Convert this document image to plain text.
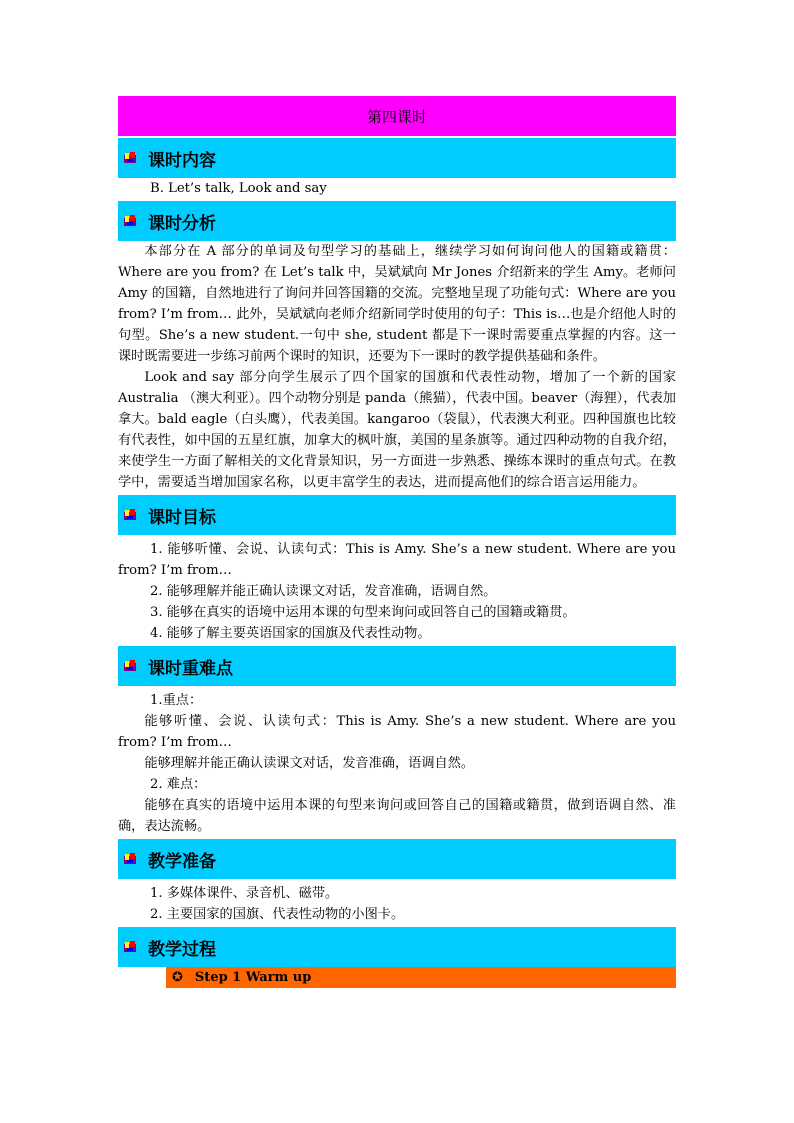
第四课时
课时内容
B. Let’s talk, Look and say
课时分析
本部分在 A 部分的单词及句型学习的基础上，继续学习如何询问他人的国籍或籍贯：Where are you from? 在 Let’s talk 中，吴斌斌向 Mr Jones 介绍新来的学生 Amy。老师问 Amy 的国籍，自然地进行了询问并回答国籍的交流。完整地呈现了功能句式：Where are you from? I’m from… 此外，吴斌斌向老师介绍新同学时使用的句子：This is…也是介绍他人时的句型。She’s a new student.一句中 she, student 都是下一课时需要重点掌握的内容。这一课时既需要进一步练习前两个课时的知识，还要为下一课时的教学提供基础和条件。
Look and say 部分向学生展示了四个国家的国旗和代表性动物，增加了一个新的国家 Australia （澳大利亚）。四个动物分别是 panda（熊猫），代表中国。beaver（海狸），代表加拿大。bald eagle（白头鹰），代表美国。kangaroo（袋鼠），代表澳大利亚。四种国旗也比较有代表性，如中国的五星红旗，加拿大的枫叶旗，美国的星条旗等。通过四种动物的自我介绍，来使学生一方面了解相关的文化背景知识，另一方面进一步熟悉、操练本课时的重点句式。在教学中，需要适当增加国家名称，以更丰富学生的表达，进而提高他们的综合语言运用能力。
课时目标
1. 能够听懂、会说、认读句式：This is Amy. She’s a new student. Where are you from? I’m from…
2. 能够理解并能正确认读课文对话，发音准确，语调自然。
3. 能够在真实的语境中运用本课的句型来询问或回答自己的国籍或籍贯。
4. 能够了解主要英语国家的国旗及代表性动物。
课时重难点
1.重点：
能够听懂、会说、认读句式：This is Amy. She’s a new student. Where are you from? I’m from…
能够理解并能正确认读课文对话，发音准确，语调自然。
2. 难点：
能够在真实的语境中运用本课的句型来询问或回答自己的国籍或籍贯，做到语调自然、准确，表达流畅。
教学准备
1. 多媒体课件、录音机、磁带。
2. 主要国家的国旗、代表性动物的小图卡。
教学过程
✪ Step 1 Warm up
